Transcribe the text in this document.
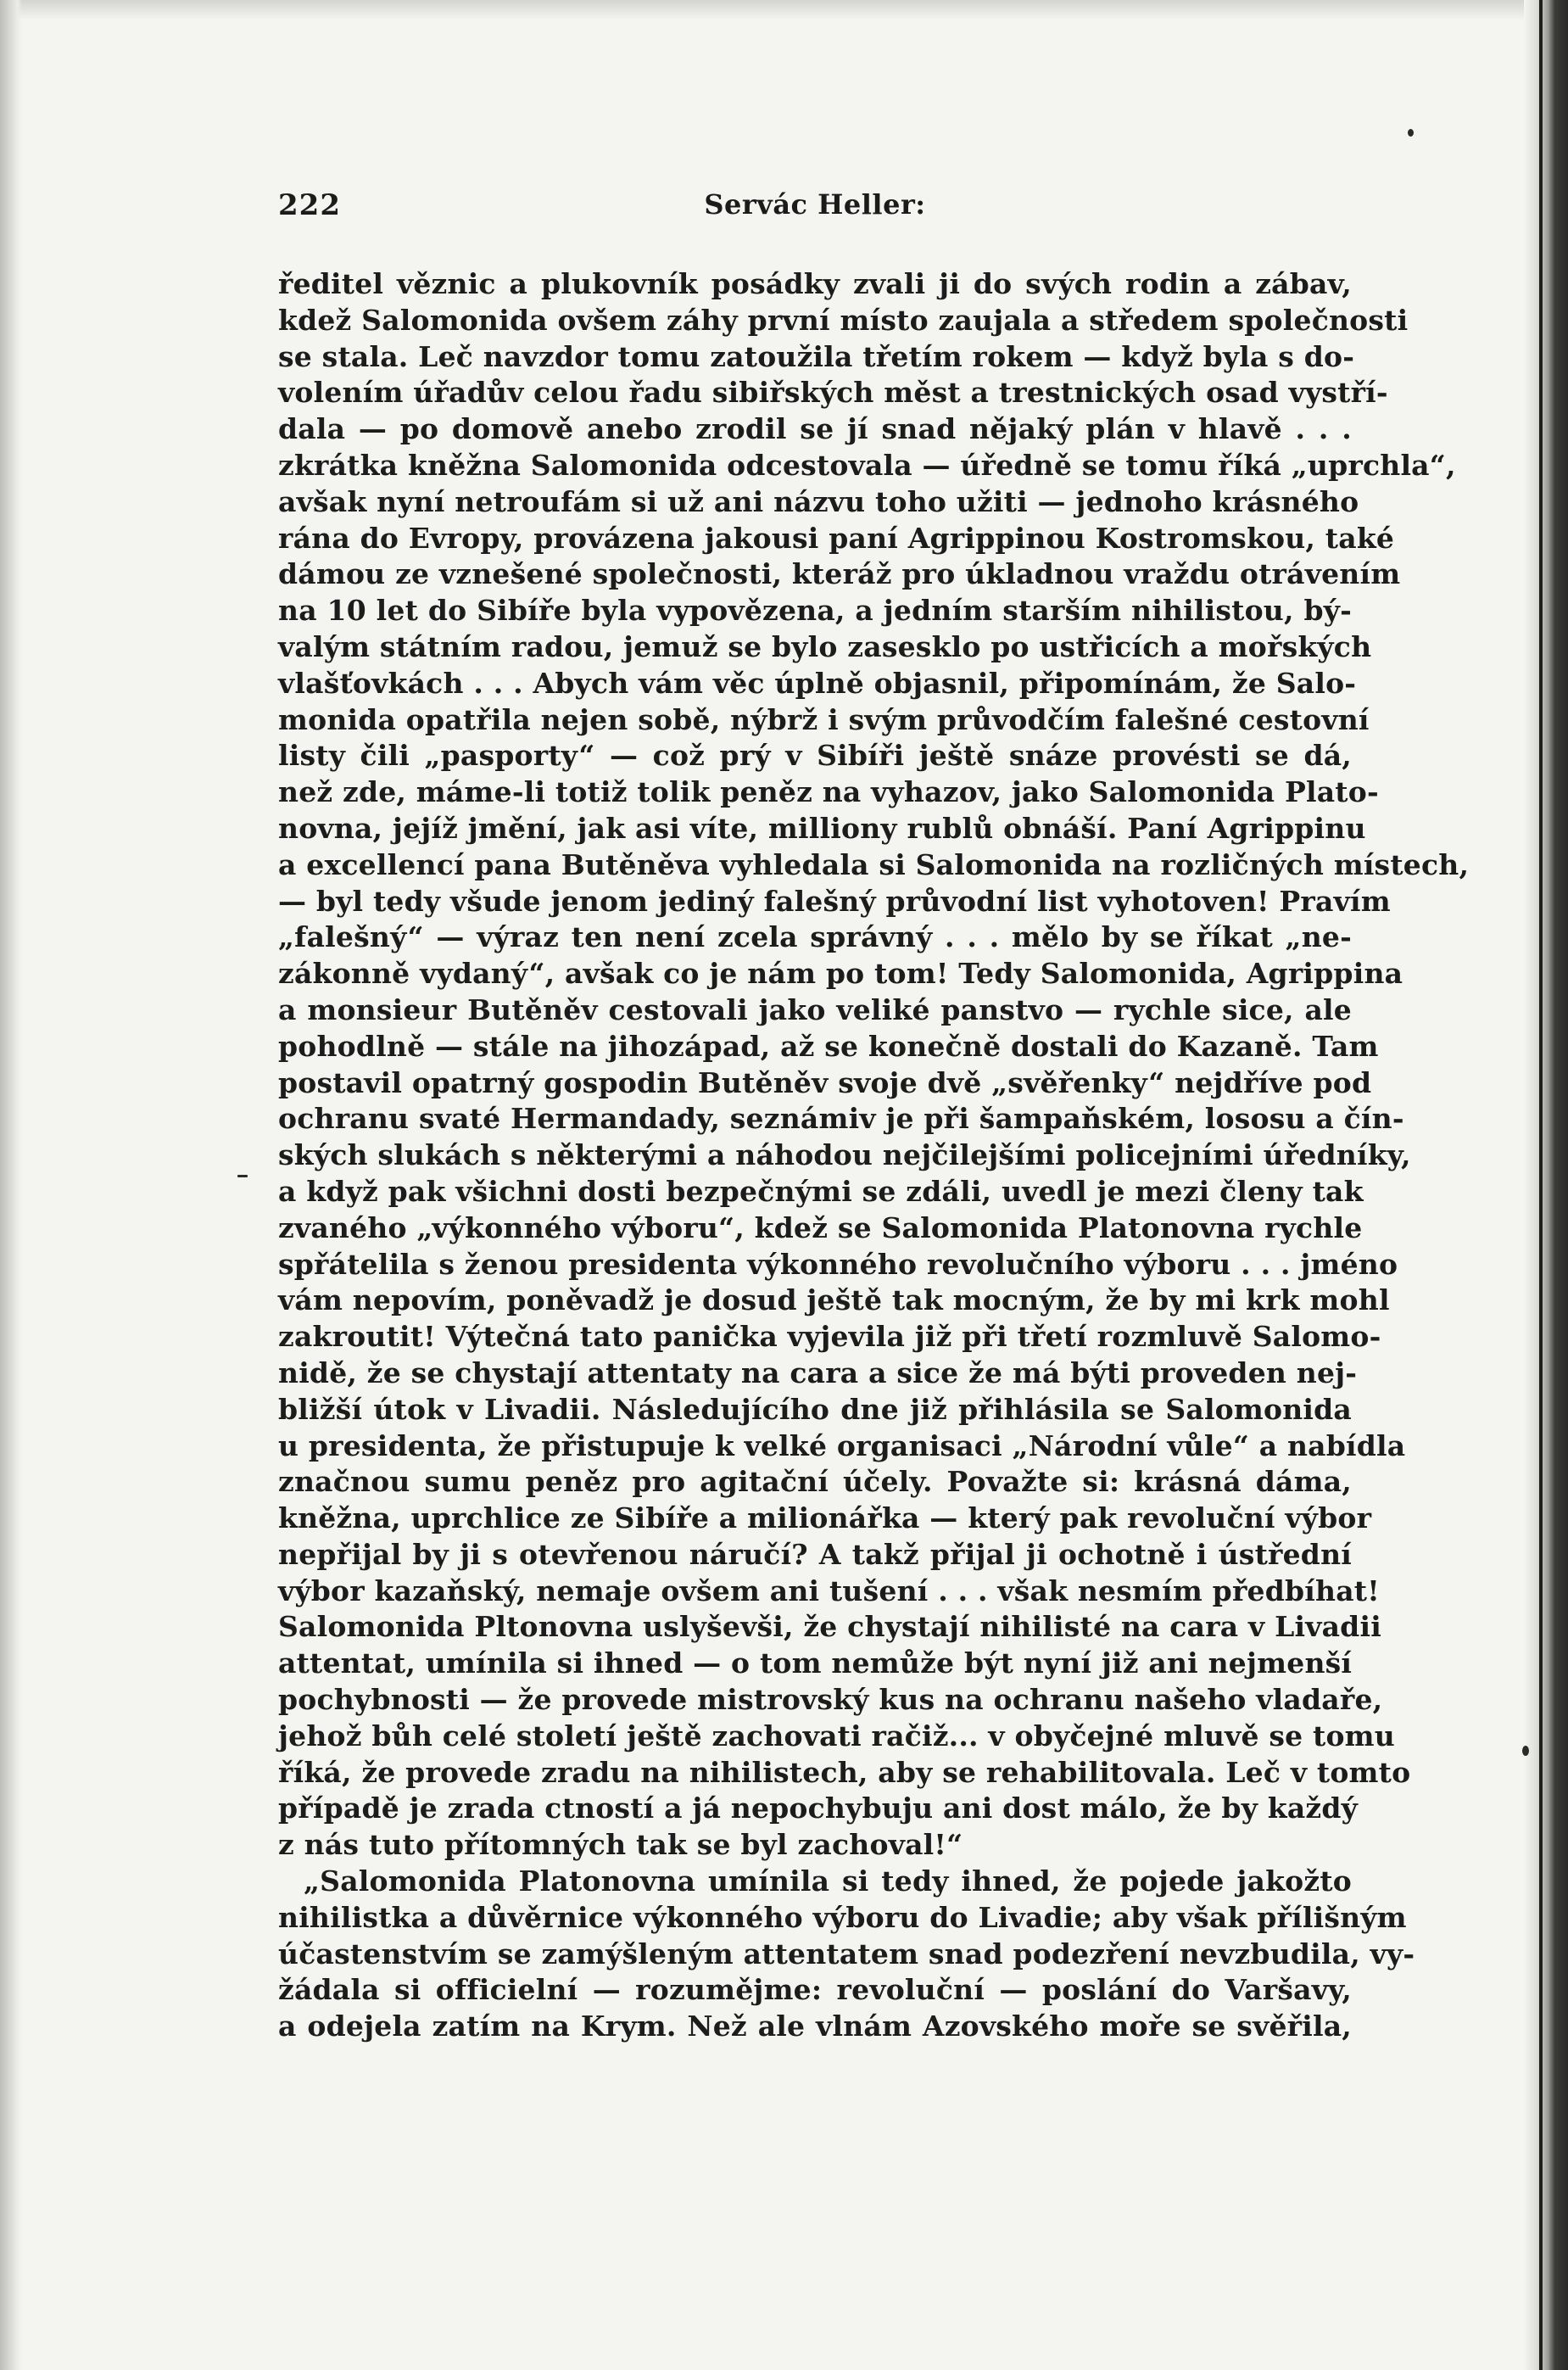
222	Servác Heller:
ředitel věznic a plukovník posádky zvali ji do svých rodin a zábav,
kdež Salomonida ovšem záhy první místo zaujala a středem společnosti
se stala. Leč navzdor tomu zatoužila třetím rokem — když byla s do-
volením úřadův celou řadu sibiřských měst a trestnických osad vystří-
dala — po domově anebo zrodil se jí snad nějaký plán v hlavě . . .
zkrátka kněžna Salomonida odcestovala — úředně se tomu říká „uprchla“,
avšak nyní netroufám si už ani názvu toho užiti — jednoho krásného
rána do Evropy, provázena jakousi paní Agrippinou Kostromskou, také
dámou ze vznešené společnosti, kteráž pro úkladnou vraždu otrávením
na 10 let do Sibíře byla vypovězena, a jedním starším nihilistou, bý-
valým státním radou, jemuž se bylo zasesklo po ustřicích a mořských
vlašťovkách . . . Abych vám věc úplně objasnil, připomínám, že Salo-
monida opatřila nejen sobě, nýbrž i svým průvodčím falešné cestovní
listy čili „pasporty“ — což prý v Sibíři ještě snáze provésti se dá,
než zde, máme-li totiž tolik peněz na vyhazov, jako Salomonida Plato-
novna, jejíž jmění, jak asi víte, milliony rublů obnáší. Paní Agrippinu
a excellencí pana Butěněva vyhledala si Salomonida na rozličných místech,
— byl tedy všude jenom jediný falešný průvodní list vyhotoven! Pravím
„falešný“ — výraz ten není zcela správný . . . mělo by se říkat „ne-
zákonně vydaný“, avšak co je nám po tom! Tedy Salomonida, Agrippina
a monsieur Butěněv cestovali jako veliké panstvo — rychle sice, ale
pohodlně — stále na jihozápad, až se konečně dostali do Kazaně. Tam
postavil opatrný gospodin Butěněv svoje dvě „svěřenky“ nejdříve pod
ochranu svaté Hermandady, seznámiv je při šampaňském, lososu a čín-
ských slukách s některými a náhodou nejčilejšími policejními úředníky,
a když pak všichni dosti bezpečnými se zdáli, uvedl je mezi členy tak
zvaného „výkonného výboru“, kdež se Salomonida Platonovna rychle
spřátelila s ženou presidenta výkonného revolučního výboru . . . jméno
vám nepovím, poněvadž je dosud ještě tak mocným, že by mi krk mohl
zakroutit! Výtečná tato panička vyjevila již při třetí rozmluvě Salomo-
nidě, že se chystají attentaty na cara a sice že má býti proveden nej-
bližší útok v Livadii. Následujícího dne již přihlásila se Salomonida
u presidenta, že přistupuje k velké organisaci „Národní vůle“ a nabídla
značnou sumu peněz pro agitační účely. Považte si: krásná dáma,
kněžna, uprchlice ze Sibíře a milionářka — který pak revoluční výbor
nepřijal by ji s otevřenou náručí? A takž přijal ji ochotně i ústřední
výbor kazaňský, nemaje ovšem ani tušení . . . však nesmím předbíhat!
Salomonida Pltonovna uslyševši, že chystají nihilisté na cara v Livadii
attentat, umínila si ihned — o tom nemůže být nyní již ani nejmenší
pochybnosti — že provede mistrovský kus na ochranu našeho vladaře,
jehož bůh celé století ještě zachovati račiž... v obyčejné mluvě se tomu
říká, že provede zradu na nihilistech, aby se rehabilitovala. Leč v tomto
případě je zrada ctností a já nepochybuju ani dost málo, že by každý
z nás tuto přítomných tak se byl zachoval!“
„Salomonida Platonovna umínila si tedy ihned, že pojede jakožto
nihilistka a důvěrnice výkonného výboru do Livadie; aby však přílišným
účastenstvím se zamýšleným attentatem snad podezření nevzbudila, vy-
žádala si officielní — rozumějme: revoluční — poslání do Varšavy,
a odejela zatím na Krym. Než ale vlnám Azovského moře se svěřila,
